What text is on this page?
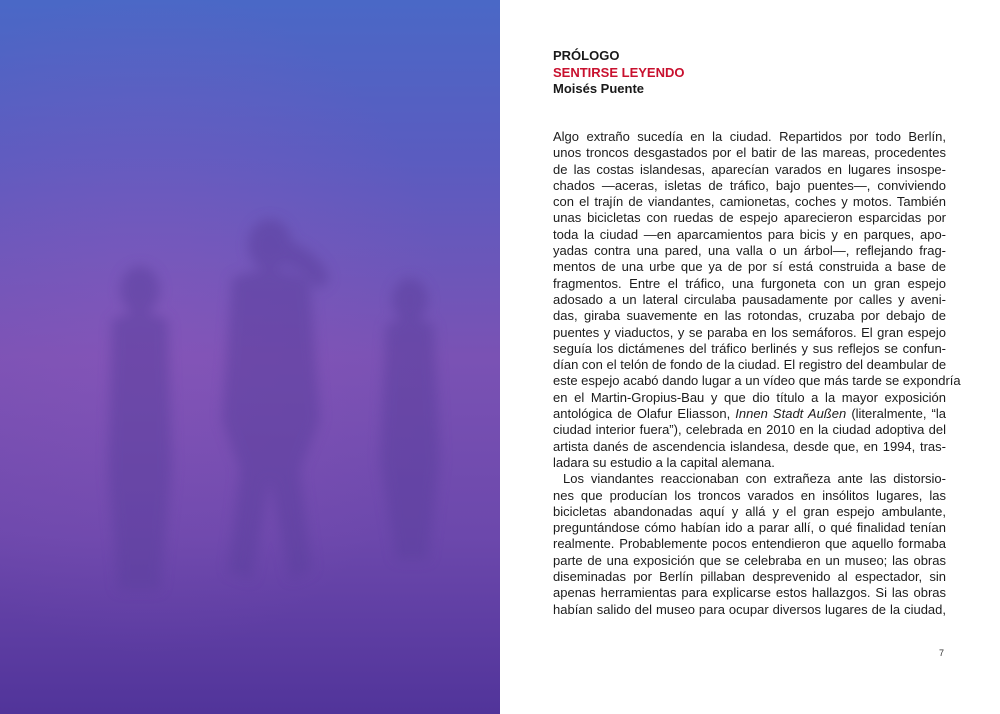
PRÓLOGO
SENTIRSE LEYENDO
Moisés Puente
Algo extraño sucedía en la ciudad. Repartidos por todo Berlín,
unos troncos desgastados por el batir de las mareas, procedentes
de las costas islandesas, aparecían varados en lugares insospe-
chados —aceras, isletas de tráfico, bajo puentes—, conviviendo
con el trajín de viandantes, camionetas, coches y motos. También
unas bicicletas con ruedas de espejo aparecieron esparcidas por
toda la ciudad —en aparcamientos para bicis y en parques, apo-
yadas contra una pared, una valla o un árbol—, reflejando frag-
mentos de una urbe que ya de por sí está construida a base de
fragmentos. Entre el tráfico, una furgoneta con un gran espejo
adosado a un lateral circulaba pausadamente por calles y aveni-
das, giraba suavemente en las rotondas, cruzaba por debajo de
puentes y viaductos, y se paraba en los semáforos. El gran espejo
seguía los dictámenes del tráfico berlinés y sus reflejos se confun-
dían con el telón de fondo de la ciudad. El registro del deambular de
este espejo acabó dando lugar a un vídeo que más tarde se expondría
en el Martin-Gropius-Bau y que dio título a la mayor exposición
antológica de Olafur Eliasson, Innen Stadt Außen (literalmente, “la
ciudad interior fuera”), celebrada en 2010 en la ciudad adoptiva del
artista danés de ascendencia islandesa, desde que, en 1994, tras-
ladara su estudio a la capital alemana.
Los viandantes reaccionaban con extrañeza ante las distorsio-
nes que producían los troncos varados en insólitos lugares, las
bicicletas abandonadas aquí y allá y el gran espejo ambulante,
preguntándose cómo habían ido a parar allí, o qué finalidad tenían
realmente. Probablemente pocos entendieron que aquello formaba
parte de una exposición que se celebraba en un museo; las obras
diseminadas por Berlín pillaban desprevenido al espectador, sin
apenas herramientas para explicarse estos hallazgos. Si las obras
habían salido del museo para ocupar diversos lugares de la ciudad,
7
